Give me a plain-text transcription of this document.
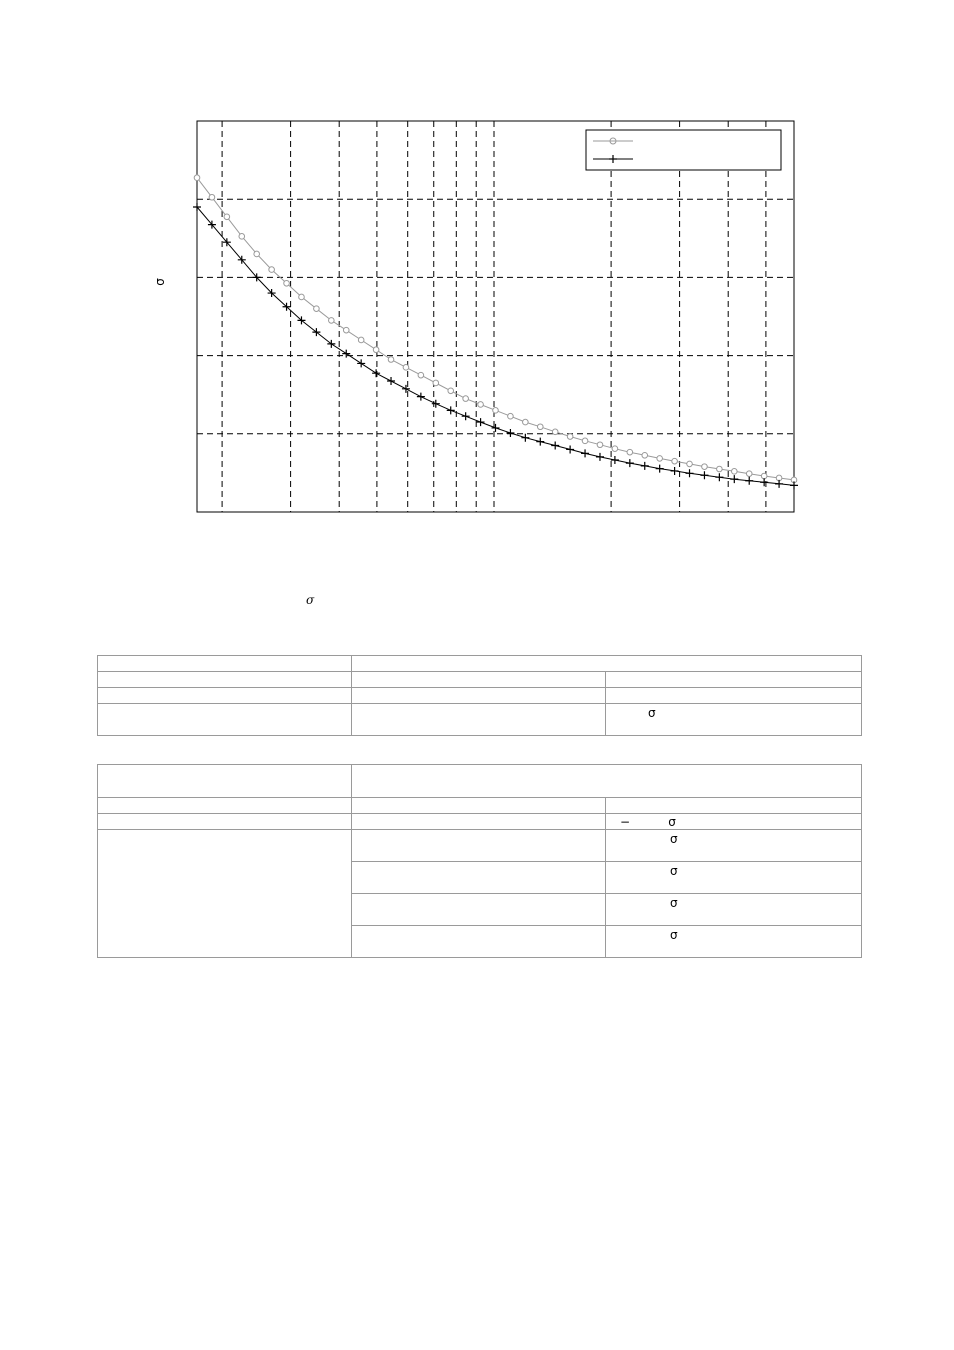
σ
σ

		σ

		−          σ
		σ
		σ
		σ
		σ
